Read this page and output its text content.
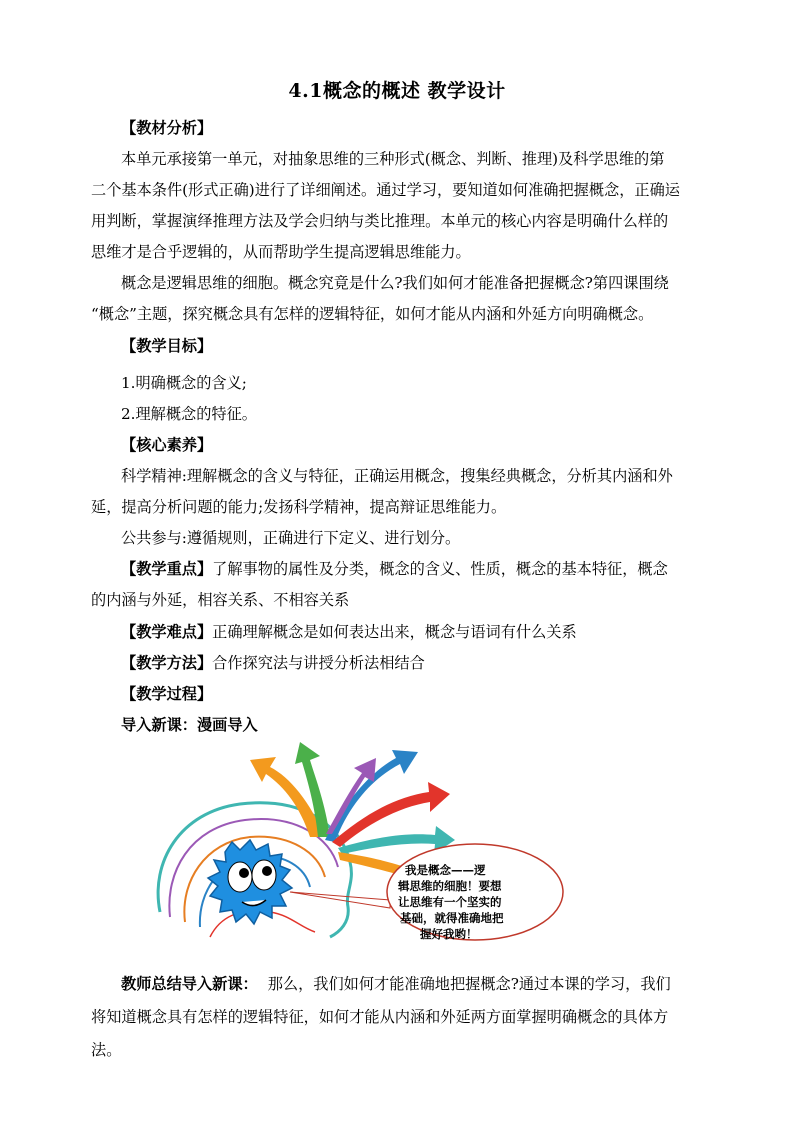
4.1概念的概述 教学设计
【教材分析】
本单元承接第一单元，对抽象思维的三种形式(概念、判断、推理)及科学思维的第
二个基本条件(形式正确)进行了详细阐述。通过学习，要知道如何准确把握概念，正确运
用判断，掌握演绎推理方法及学会归纳与类比推理。本单元的核心内容是明确什么样的
思维才是合乎逻辑的，从而帮助学生提高逻辑思维能力。
概念是逻辑思维的细胞。概念究竟是什么?我们如何才能准备把握概念?第四课围绕
“概念”主题，探究概念具有怎样的逻辑特征，如何才能从内涵和外延方向明确概念。
【教学目标】
1.明确概念的含义;
2.理解概念的特征。
【核心素养】
科学精神:理解概念的含义与特征，正确运用概念，搜集经典概念，分析其内涵和外
延，提高分析问题的能力;发扬科学精神，提高辩证思维能力。
公共参与:遵循规则，正确进行下定义、进行划分。
【教学重点】了解事物的属性及分类，概念的含义、性质，概念的基本特征，概念
的内涵与外延，相容关系、不相容关系
【教学难点】正确理解概念是如何表达出来，概念与语词有什么关系
【教学方法】合作探究法与讲授分析法相结合
【教学过程】
导入新课：漫画导入
我是概念——逻
辑思维的细胞！要想
让思维有一个坚实的
基础，就得准确地把
握好我哟！
教师总结导入新课： 那么，我们如何才能准确地把握概念?通过本课的学习，我们
将知道概念具有怎样的逻辑特征，如何才能从内涵和外延两方面掌握明确概念的具体方
法。
